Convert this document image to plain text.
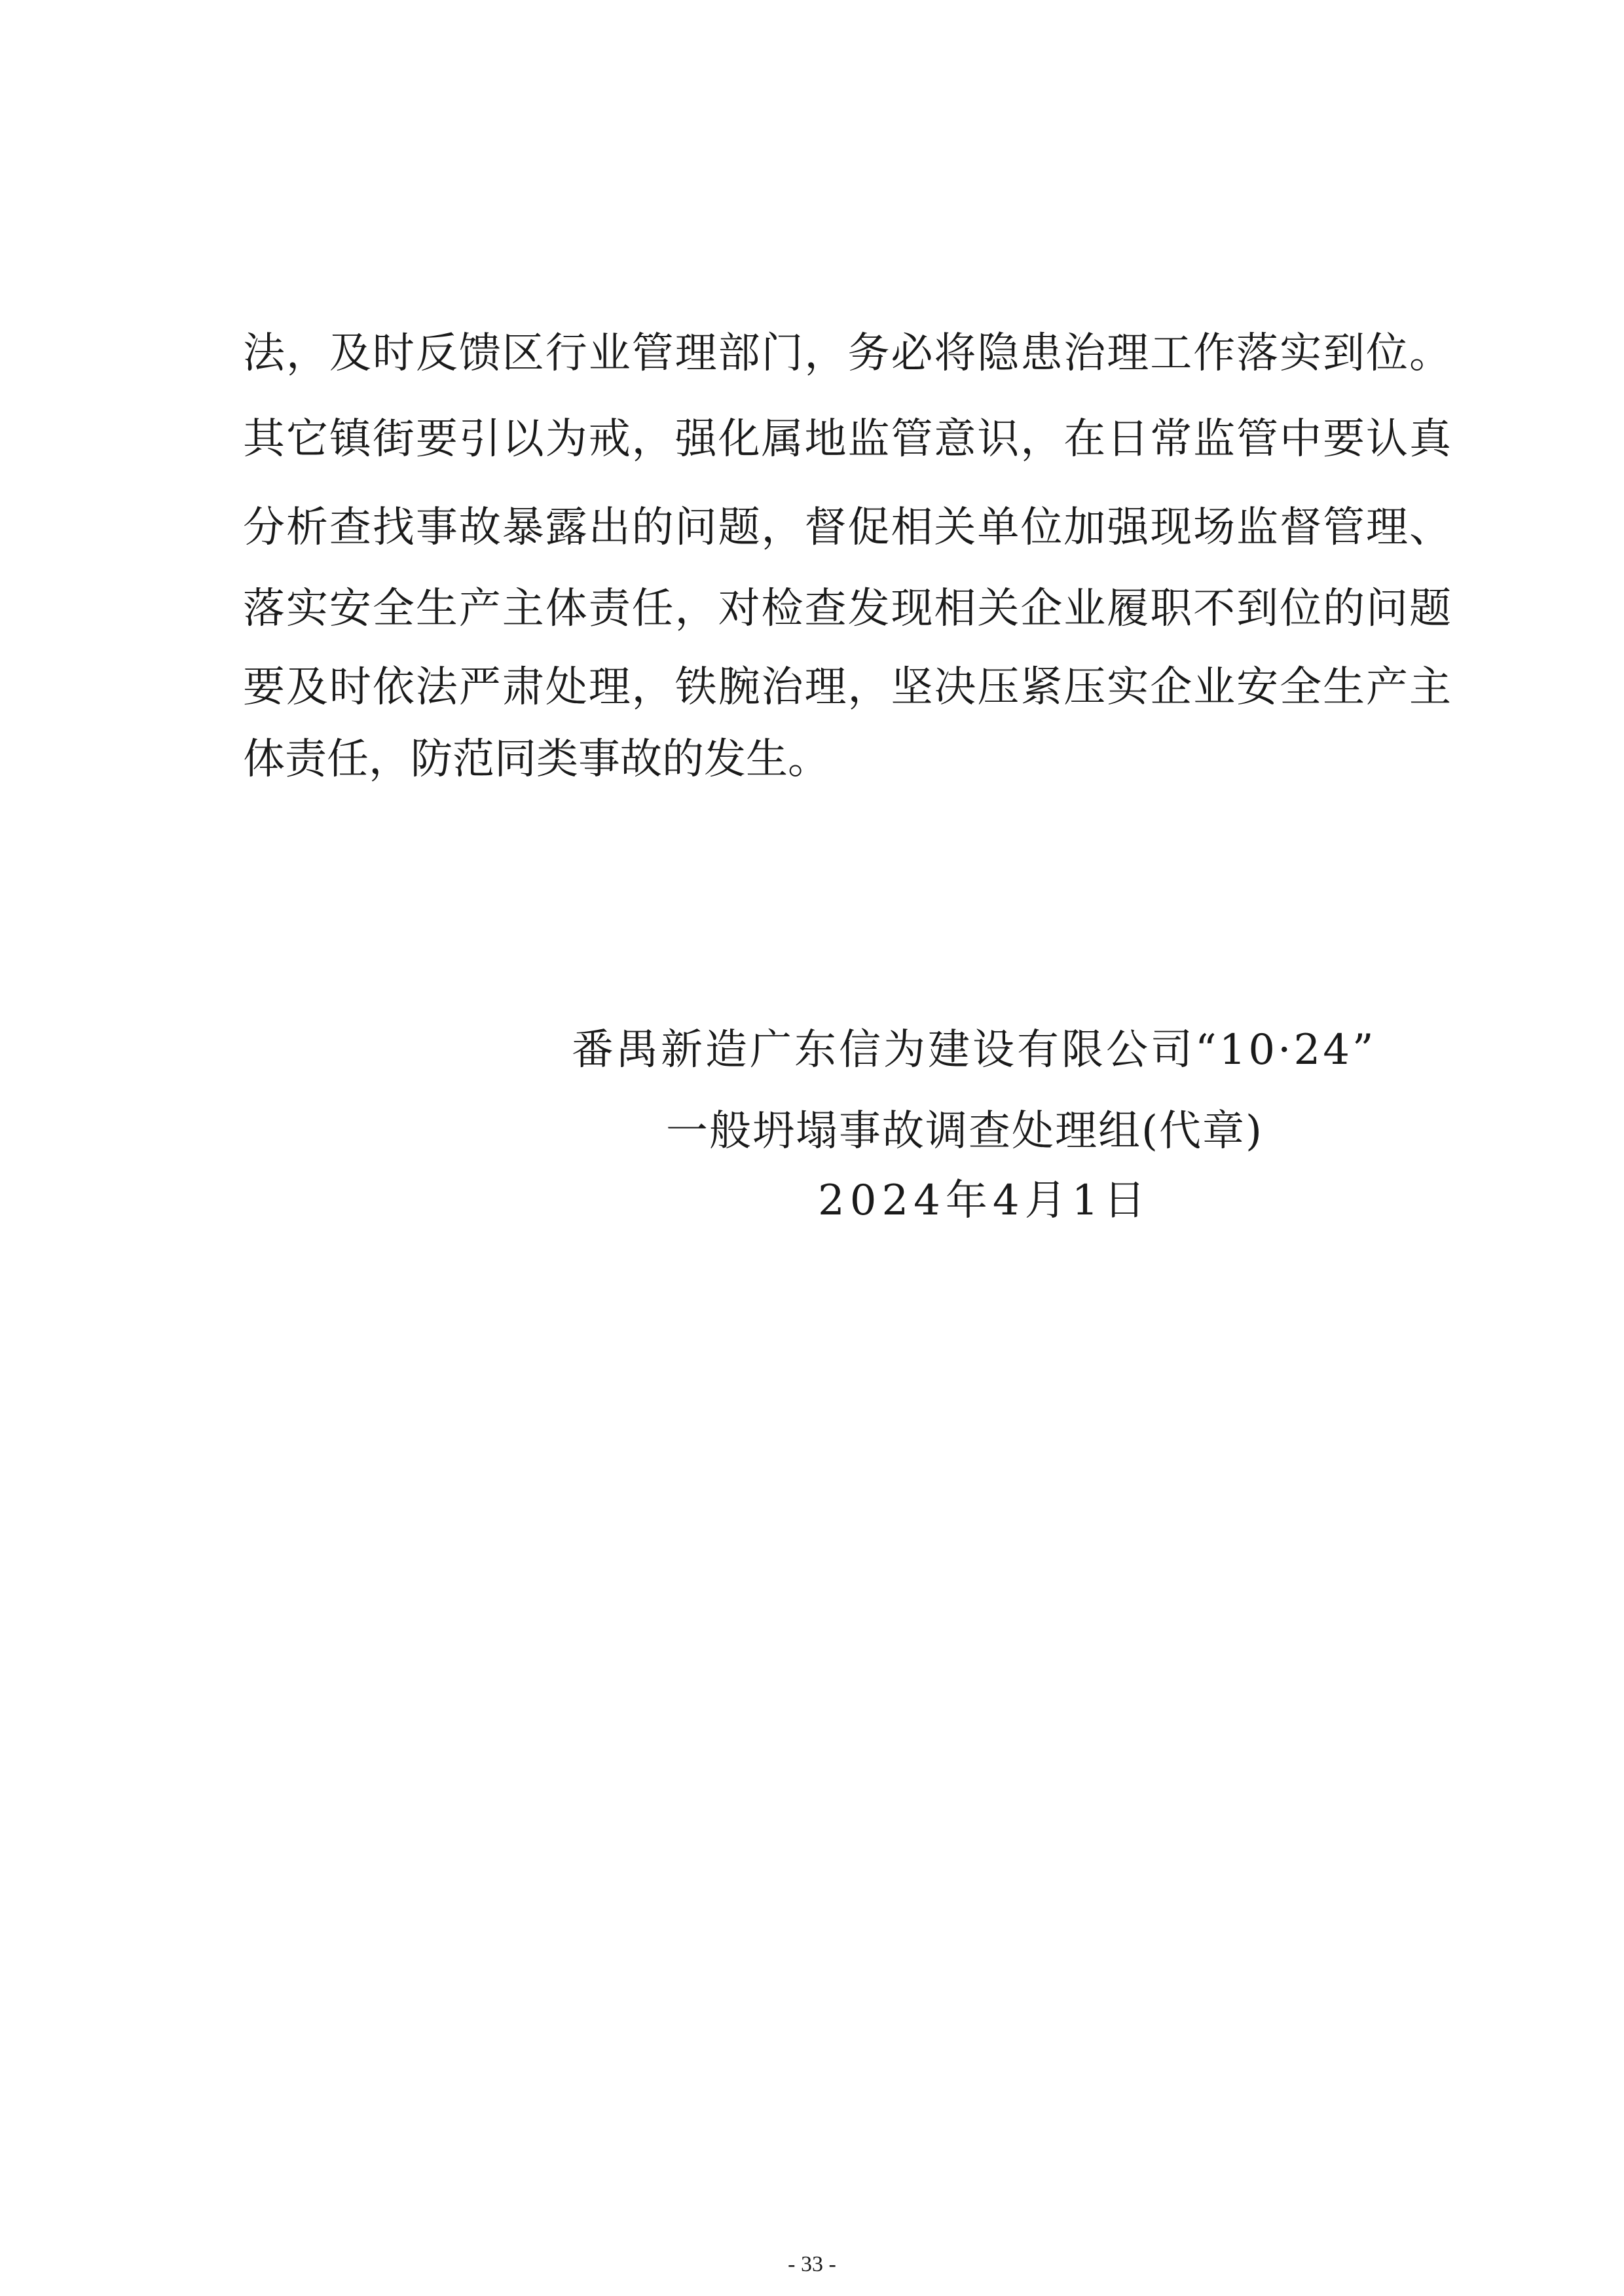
法，及时反馈区行业管理部门，务必将隐患治理工作落实到位。
其它镇街要引以为戒，强化属地监管意识，在日常监管中要认真
分析查找事故暴露出的问题，督促相关单位加强现场监督管理、
落实安全生产主体责任，对检查发现相关企业履职不到位的问题
要及时依法严肃处理，铁腕治理，坚决压紧压实企业安全生产主
体责任，防范同类事故的发生。
番禺新造广东信为建设有限公司“10·24”
一般坍塌事故调查处理组(代章)
2024年4月1日
- 33 -
